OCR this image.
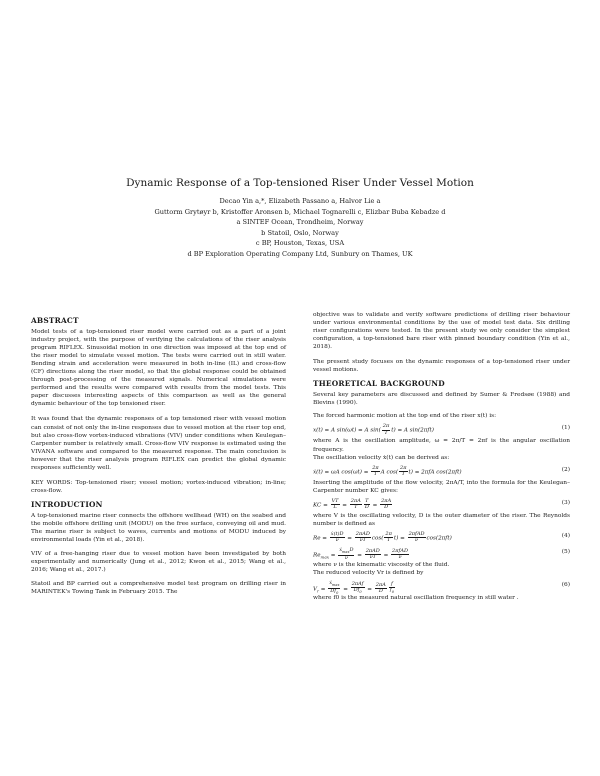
Dynamic Response of a Top-tensioned Riser Under Vessel Motion
Decao Yin a,*, Elizabeth Passano a, Halvor Lie a
Guttorm Grytøyr b, Kristoffer Aronsen b, Michael Tognarelli c, Elizbar Buba Kebadze d
a SINTEF Ocean, Trondheim, Norway
b Statoil, Oslo, Norway
c BP, Houston, Texas, USA
d BP Exploration Operating Company Ltd, Sunbury on Thames, UK
ABSTRACT

Model tests of a top-tensioned riser model were carried out as a part of a joint industry project, with the purpose of verifying the calculations of the riser analysis program RIFLEX. Sinusoidal motion in one direction was imposed at the top end of the riser model to simulate vessel motion. The tests were carried out in still water. Bending strain and acceleration were measured in both in-line (IL) and cross-flow (CF) directions along the riser model, so that the global response could be obtained through post-processing of the measured signals. Numerical simulations were performed and the results were compared with results from the model tests. This paper discusses interesting aspects of this comparison as well as the general dynamic behaviour of the top tensioned riser.

It was found that the dynamic responses of a top tensioned riser with vessel motion can consist of not only the in-line responses due to vessel motion at the riser top end, but also cross-flow vortex-induced vibrations (VIV) under conditions when Keulegan–Carpenter number is relatively small. Cross-flow VIV response is estimated using the VIVANA software and compared to the measured response. The main conclusion is however that the riser analysis program RIFLEX can predict the global dynamic responses sufficiently well.

KEY WORDS: Top-tensioned riser; vessel motion; vortex-induced vibration; in-line; cross-flow.

INTRODUCTION

A top-tensioned marine riser connects the offshore wellhead (WH) on the seabed and the mobile offshore drilling unit (MODU) on the free surface, conveying oil and mud. The marine riser is subject to waves, currents and motions of MODU induced by environmental loads (Yin et al., 2018).

VIV of a free-hanging riser due to vessel motion have been investigated by both experimentally and numerically (Jung et al., 2012; Kwon et al., 2015; Wang et al., 2016; Wang et al., 2017.)

Statoil and BP carried out a comprehensive model test program on drilling riser in MARINTEK's Towing Tank in February 2015. The

objective was to validate and verify software predictions of drilling riser behaviour under various environmental conditions by the use of model test data. Six drilling riser configurations were tested. In the present study we only consider the simplest configuration, a top-tensioned bare riser with pinned boundary condition (Yin et al., 2018).

The present study focuses on the dynamic responses of a top-tensioned riser under vessel motions.

THEORETICAL BACKGROUND

Several key parameters are discussed and defined by Sumer & Fredsøe (1988) and Blevins (1990).

The forced harmonic motion at the top end of the riser x(t) is:

x(t) = A sin(ωt) = A $\sin( \frac{2\pi}{T} t) = A$ sin(2πft)	(1)

where A is the oscillation amplitude, ω = 2π/T = 2πf is the angular oscillation frequency.

The oscillation velocity ẋ(t) can be derived as:

ẋ(t) = ωA $\cos(\omega t) = \frac{2\pi}{T}$ A $\cos( \frac{2\pi}{T} t) = 2\pi fA$ cos(2πft)	(2)

Inserting the amplitude of the flow velocity, 2πA/T, into the formula for the Keulegan–Carpenter number KC gives:

KC = $\frac{VT}{L} = \frac{2\pi A}{T} \frac{T}{D} = \frac{2\pi A}{D}$	(3)

where V is the oscillating velocity, D is the outer diameter of the riser. The Reynolds number is defined as

$Re = \frac{\text{ẋ(t)D}}{\nu} = \frac{\text{2πAD}}{\nu T} \cos( \frac{2\pi}{T} t) = \frac{\text{2πfAD}}{\nu} \cos(2\pi ft)$	(4)
$Re_{max} = \frac{ẋ_{max}D}{\nu} = \frac{\text{2πAD}}{\nu T} = \frac{\text{2πfAD}}{\nu}$	(5)

where ν is the kinematic viscosity of the fluid.

The reduced velocity Vr is defined by

$V_r = \frac{ẋ_{max}}{Df_0} = \frac{\text{2πAf}}{Df_0} = \frac{2\pi A}{D} \frac{f}{f_0}$	(6)

where f0 is the measured natural oscillation frequency in still water .
